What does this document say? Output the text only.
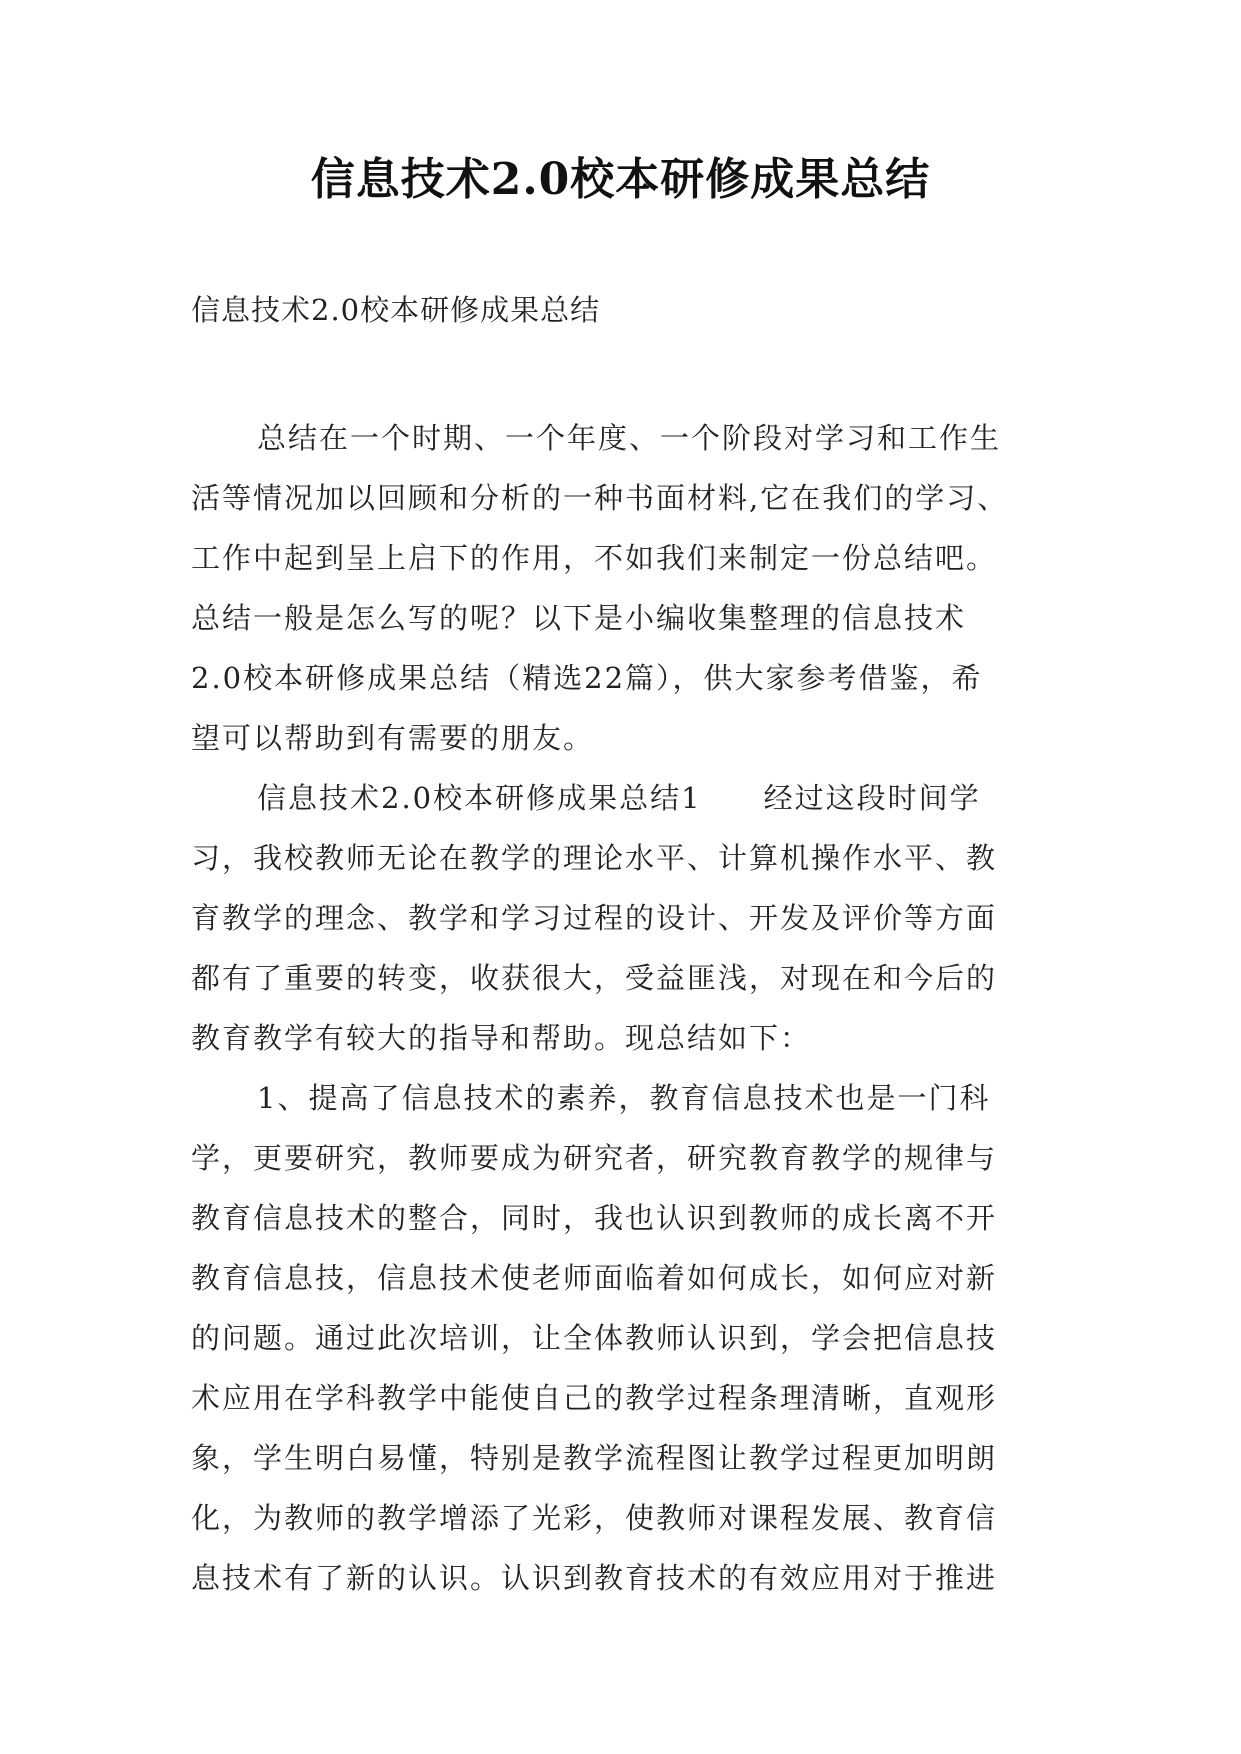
信息技术2.0校本研修成果总结
信息技术2.0校本研修成果总结
总结在一个时期、一个年度、一个阶段对学习和工作生
活等情况加以回顾和分析的一种书面材料,它在我们的学习、
工作中起到呈上启下的作用，不如我们来制定一份总结吧。
总结一般是怎么写的呢？以下是小编收集整理的信息技术
2.0校本研修成果总结（精选22篇），供大家参考借鉴，希
望可以帮助到有需要的朋友。
信息技术2.0校本研修成果总结1　　经过这段时间学
习，我校教师无论在教学的理论水平、计算机操作水平、教
育教学的理念、教学和学习过程的设计、开发及评价等方面
都有了重要的转变，收获很大，受益匪浅，对现在和今后的
教育教学有较大的指导和帮助。现总结如下：
1、提高了信息技术的素养，教育信息技术也是一门科
学，更要研究，教师要成为研究者，研究教育教学的规律与
教育信息技术的整合，同时，我也认识到教师的成长离不开
教育信息技，信息技术使老师面临着如何成长，如何应对新
的问题。通过此次培训，让全体教师认识到，学会把信息技
术应用在学科教学中能使自己的教学过程条理清晰，直观形
象，学生明白易懂，特别是教学流程图让教学过程更加明朗
化，为教师的教学增添了光彩，使教师对课程发展、教育信
息技术有了新的认识。认识到教育技术的有效应用对于推进
